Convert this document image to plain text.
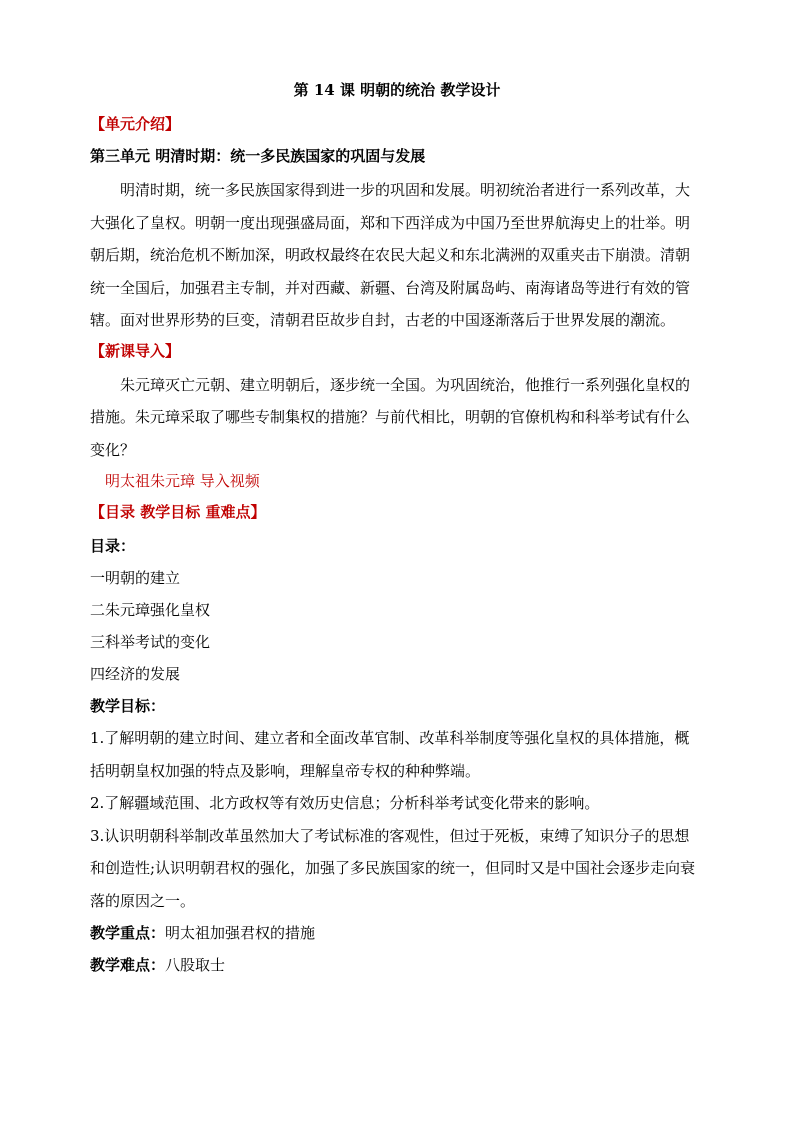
第 14 课 明朝的统治 教学设计
【单元介绍】
第三单元 明清时期：统一多民族国家的巩固与发展

明清时期，统一多民族国家得到进一步的巩固和发展。明初统治者进行一系列改革，大大强化了皇权。明朝一度出现强盛局面，郑和下西洋成为中国乃至世界航海史上的壮举。明朝后期，统治危机不断加深，明政权最终在农民大起义和东北满洲的双重夹击下崩溃。清朝统一全国后，加强君主专制，并对西藏、新疆、台湾及附属岛屿、南海诸岛等进行有效的管辖。面对世界形势的巨变，清朝君臣故步自封，古老的中国逐渐落后于世界发展的潮流。

【新课导入】

朱元璋灭亡元朝、建立明朝后，逐步统一全国。为巩固统治，他推行一系列强化皇权的措施。朱元璋采取了哪些专制集权的措施？与前代相比，明朝的官僚机构和科举考试有什么变化？

明太祖朱元璋 导入视频
【目录 教学目标 重难点】
目录：
一明朝的建立
二朱元璋强化皇权
三科举考试的变化
四经济的发展
教学目标：

1.了解明朝的建立时间、建立者和全面改革官制、改革科举制度等强化皇权的具体措施，概括明朝皇权加强的特点及影响，理解皇帝专权的种种弊端。

2.了解疆域范围、北方政权等有效历史信息；分析科举考试变化带来的影响。

3.认识明朝科举制改革虽然加大了考试标准的客观性，但过于死板，束缚了知识分子的思想和创造性;认识明朝君权的强化，加强了多民族国家的统一，但同时又是中国社会逐步走向衰落的原因之一。

教学重点：明太祖加强君权的措施
教学难点：八股取士
